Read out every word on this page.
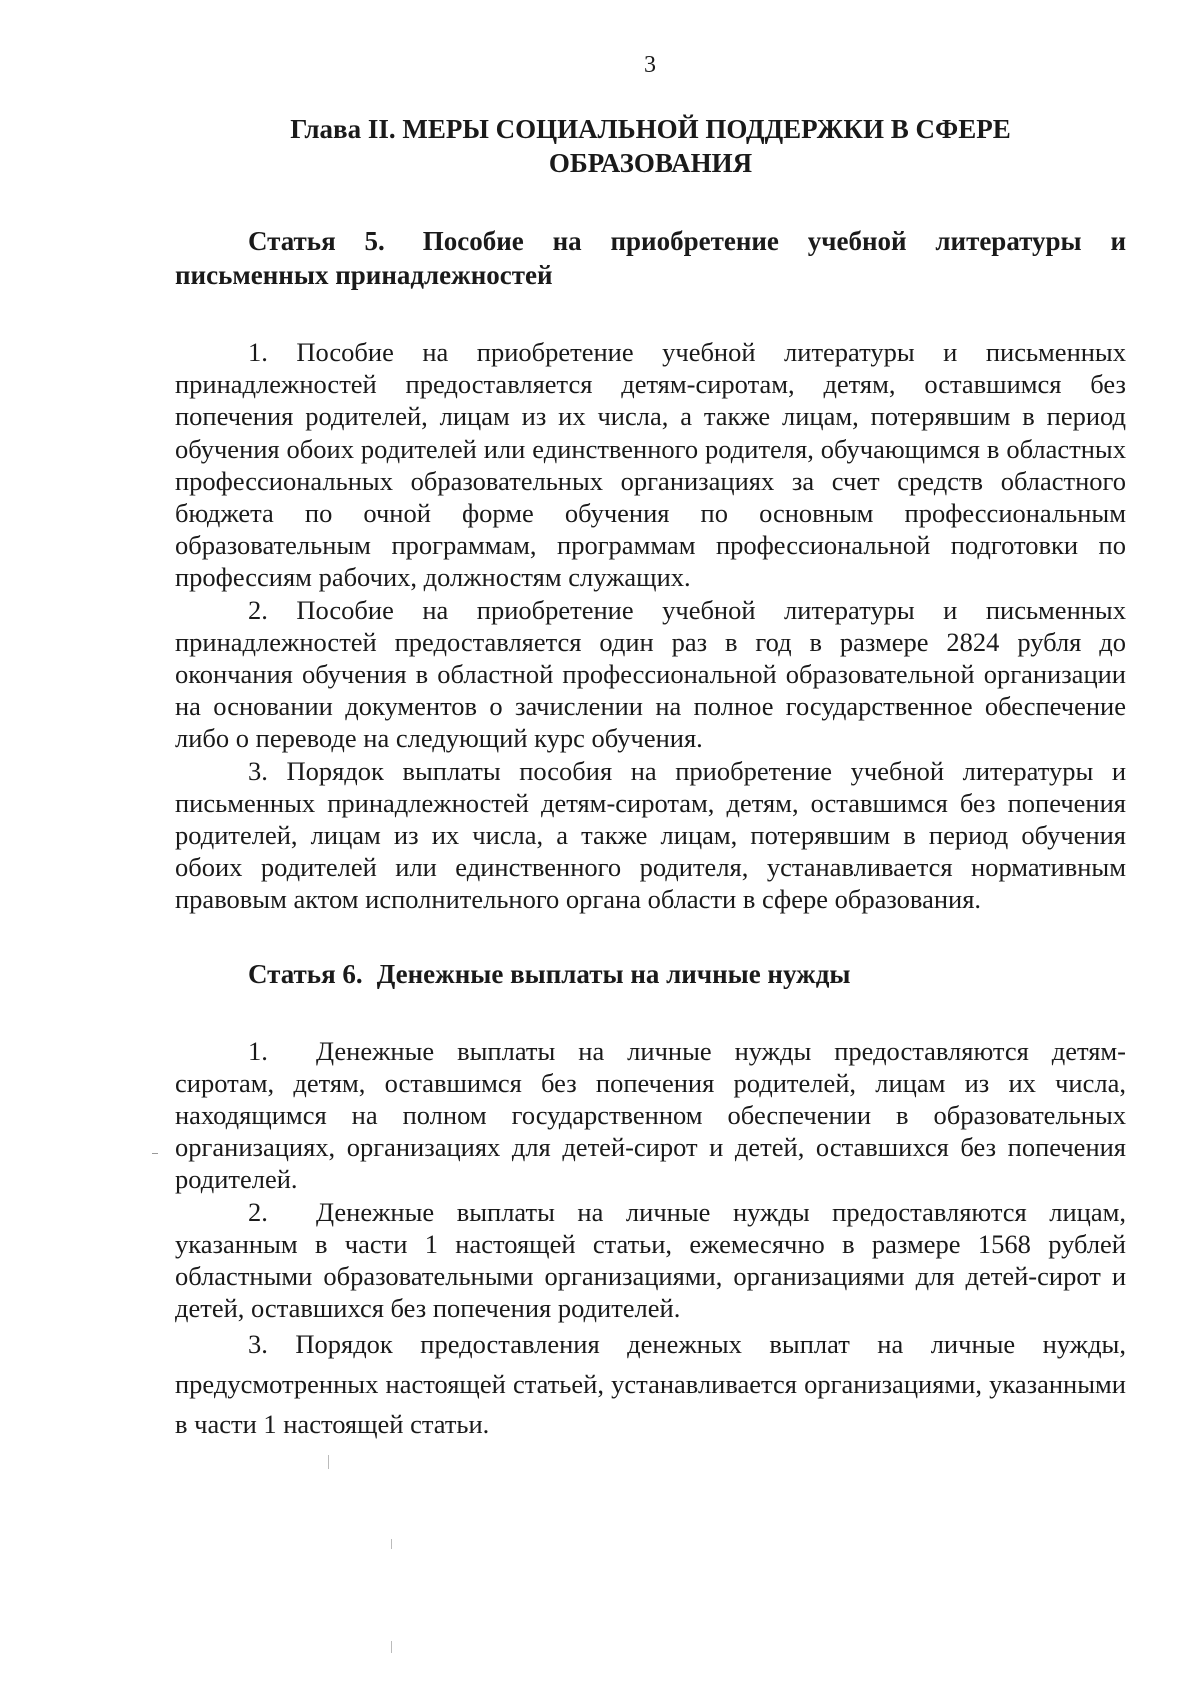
3
Глава II. МЕРЫ СОЦИАЛЬНОЙ ПОДДЕРЖКИ В СФЕРЕ
ОБРАЗОВАНИЯ
Статья 5. Пособие на приобретение учебной литературы и письменных принадлежностей

1. Пособие на приобретение учебной литературы и письменных принадлежностей предоставляется детям-сиротам, детям, оставшимся без попечения родителей, лицам из их числа, а также лицам, потерявшим в период обучения обоих родителей или единственного родителя, обучающимся в областных профессиональных образовательных организациях за счет средств областного бюджета по очной форме обучения по основным профессиональным образовательным программам, программам профессиональной подготовки по профессиям рабочих, должностям служащих.

2. Пособие на приобретение учебной литературы и письменных принадлежностей предоставляется один раз в год в размере 2824 рубля до окончания обучения в областной профессиональной образовательной организации на основании документов о зачислении на полное государственное обеспечение либо о переводе на следующий курс обучения.

3. Порядок выплаты пособия на приобретение учебной литературы и письменных принадлежностей детям-сиротам, детям, оставшимся без попечения родителей, лицам из их числа, а также лицам, потерявшим в период обучения обоих родителей или единственного родителя, устанавливается нормативным правовым актом исполнительного органа области в сфере образования.

Статья 6. Денежные выплаты на личные нужды

1. Денежные выплаты на личные нужды предоставляются детям-сиротам, детям, оставшимся без попечения родителей, лицам из их числа, находящимся на полном государственном обеспечении в образовательных организациях, организациях для детей-сирот и детей, оставшихся без попечения родителей.

2. Денежные выплаты на личные нужды предоставляются лицам, указанным в части 1 настоящей статьи, ежемесячно в размере 1568 рублей областными образовательными организациями, организациями для детей-сирот и детей, оставшихся без попечения родителей.

3. Порядок предоставления денежных выплат на личные нужды, предусмотренных настоящей статьей, устанавливается организациями, указанными в части 1 настоящей статьи.
